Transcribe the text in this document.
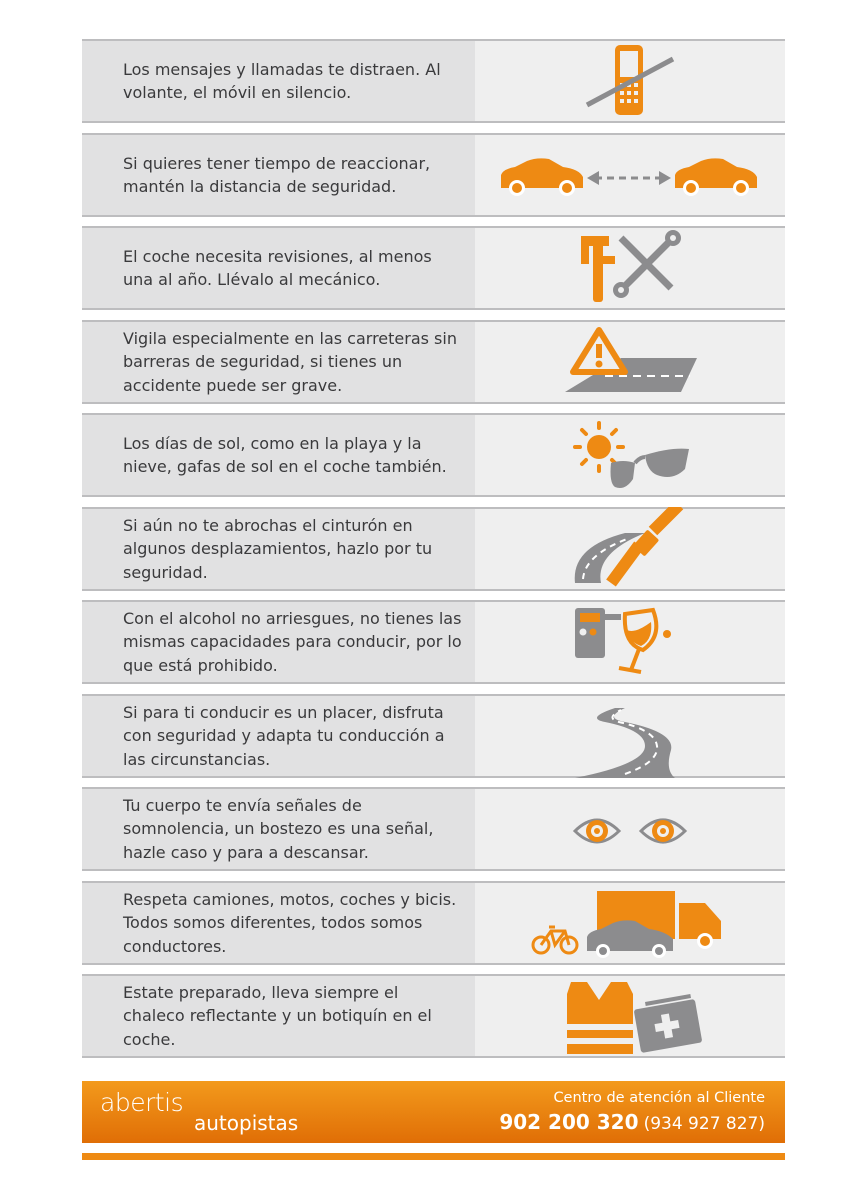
Los mensajes y llamadas te distraen. Al volante, el móvil en silencio.
Si quieres tener tiempo de reaccionar, mantén la distancia de seguridad.
El coche necesita revisiones, al menos una al año. Llévalo al mecánico.
Vigila especialmente en las carreteras sin barreras de seguridad, si tienes un accidente puede ser grave.
Los días de sol, como en la playa y la nieve, gafas de sol en el coche también.
Si aún no te abrochas el cinturón en algunos desplazamientos, hazlo por tu seguridad.
Con el alcohol no arriesgues, no tienes las mismas capacidades para conducir, por lo que está prohibido.
Si para ti conducir es un placer, disfruta con seguridad y adapta tu conducción a las circunstancias.
Tu cuerpo te envía señales de somnolencia, un bostezo es una señal, hazle caso y para a descansar.
Respeta camiones, motos, coches y bicis. Todos somos diferentes, todos somos conductores.
Estate preparado, lleva siempre el chaleco reflectante y un botiquín en el coche.
abertis
autopistas
Centro de atención al Cliente
902 200 320 (934 927 827)
